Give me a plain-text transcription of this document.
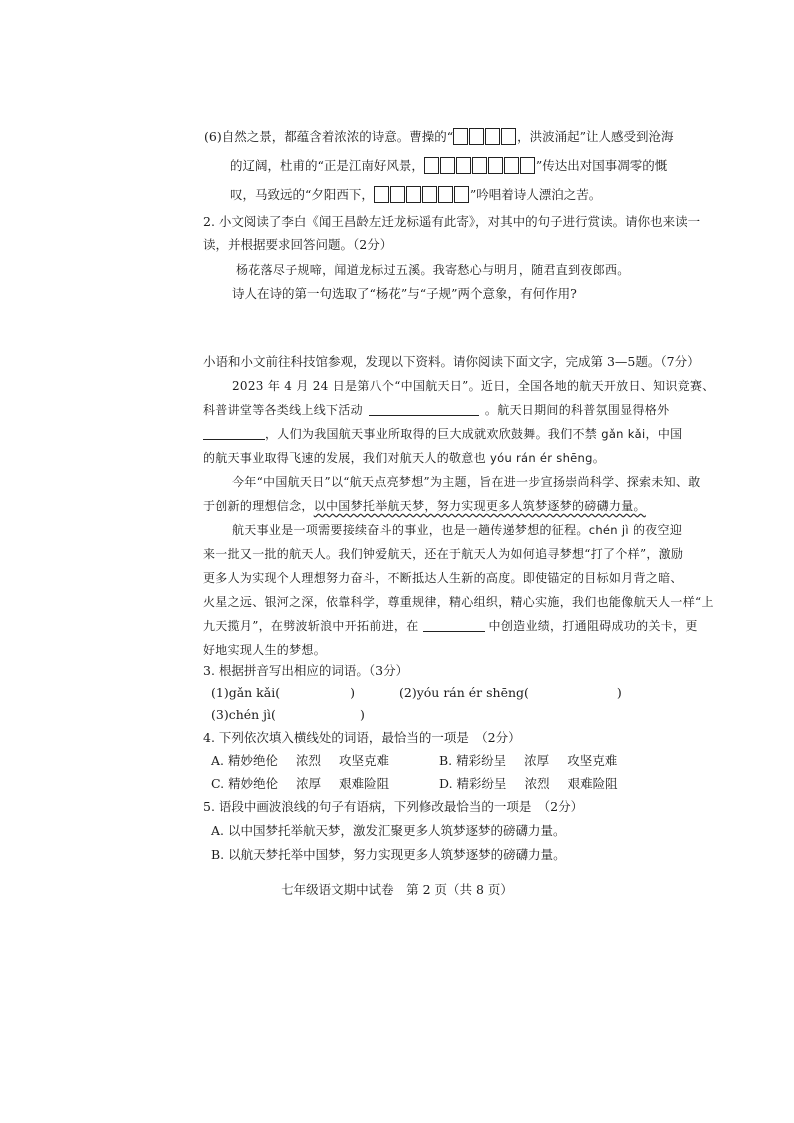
(6)自然之景，都蕴含着浓浓的诗意。曹操的“	，洪波涌起”让人感受到沧海
的辽阔，杜甫的“正是江南好风景，	”传达出对国事凋零的慨
叹，马致远的“夕阳西下，	”吟唱着诗人漂泊之苦。
2. 小文阅读了李白《闻王昌龄左迁龙标遥有此寄》，对其中的句子进行赏读。请你也来读一
读，并根据要求回答问题。（2分）
杨花落尽子规啼，闻道龙标过五溪。我寄愁心与明月，随君直到夜郎西。
诗人在诗的第一句选取了“杨花”与“子规”两个意象，有何作用?
小语和小文前往科技馆参观，发现以下资料。请你阅读下面文字，完成第 3—5题。（7分）
2023 年 4 月 24 日是第八个“中国航天日”。近日，全国各地的航天开放日、知识竞赛、
科普讲堂等各类线上线下活动	。航天日期间的科普氛围显得格外
，人们为我国航天事业所取得的巨大成就欢欣鼓舞。我们不禁 gǎn kǎi，中国
的航天事业取得飞速的发展，我们对航天人的敬意也 yóu rán ér shēng。
今年“中国航天日”以“航天点亮梦想”为主题，旨在进一步宣扬崇尚科学、探索未知、敢
于创新的理想信念，以中国梦托举航天梦，努力实现更多人筑梦逐梦的磅礴力量。
航天事业是一项需要接续奋斗的事业，也是一趟传递梦想的征程。chén jì 的夜空迎
来一批又一批的航天人。我们钟爱航天，还在于航天人为如何追寻梦想“打了个样”，激励
更多人为实现个人理想努力奋斗，不断抵达人生新的高度。即使锚定的目标如月背之暗、
火星之远、银河之深，依靠科学，尊重规律，精心组织，精心实施，我们也能像航天人一样“上
九天揽月”，在劈波斩浪中开拓前进，在	中创造业绩，打通阻碍成功的关卡，更
好地实现人生的梦想。
3. 根据拼音写出相应的词语。（3分）
(1)gǎn kǎi(	)	(2)yóu rán ér shēng(	)
(3)chén jì(	)
4. 下列依次填入横线处的词语，最恰当的一项是　（2分）
A. 精妙绝伦 浓烈 攻坚克难	B. 精彩纷呈 浓厚 攻坚克难
C. 精妙绝伦 浓厚 艰难险阻	D. 精彩纷呈 浓烈 艰难险阻
5. 语段中画波浪线的句子有语病，下列修改最恰当的一项是　（2分）
A. 以中国梦托举航天梦，激发汇聚更多人筑梦逐梦的磅礴力量。
B. 以航天梦托举中国梦，努力实现更多人筑梦逐梦的磅礴力量。
七年级语文期中试卷　第 2 页（共 8 页）
